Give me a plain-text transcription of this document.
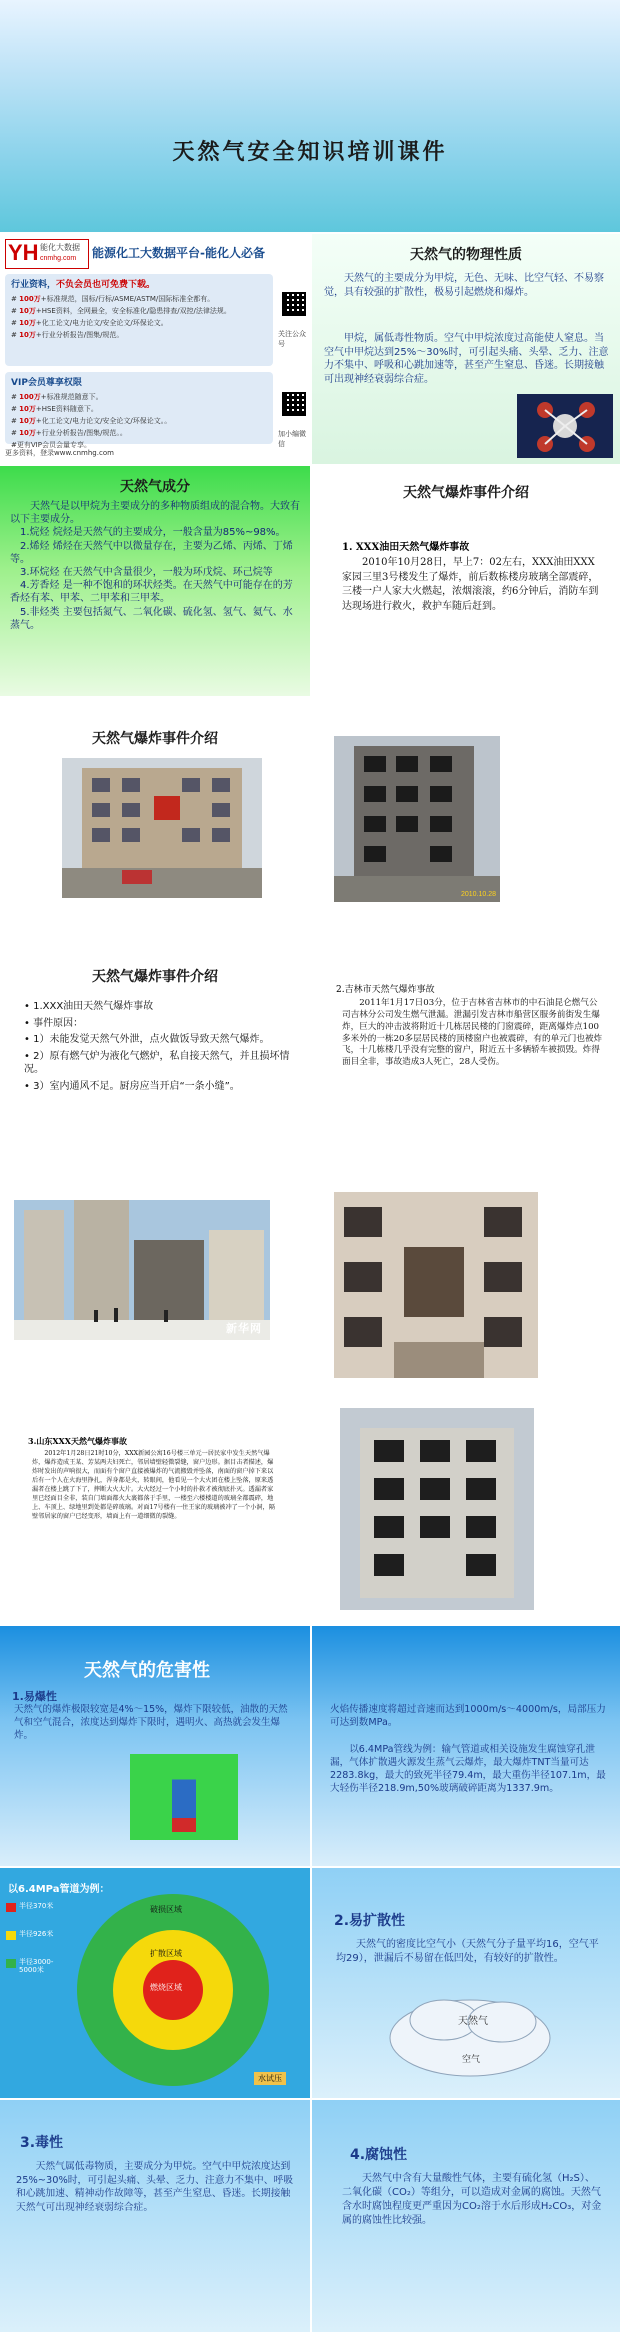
天然气安全知识培训课件
YH 能化大数据
cnmhg.com 能源化工大数据平台-能化人必备
行业资料，不负会员也可免费下载。
# 100万+标准规范，国标/行标/ASME/ASTM/国际标准全都有。
# 10万+HSE资料，全网最全，安全标准化/隐患排查/双控/法律法规。
# 10万+化工论文/电力论文/安全论文/环保论文。
# 10万+行业分析报告/图集/规范。
VIP会员尊享权限
# 100万+标准规范随意下。
# 10万+HSE资料随意下。
# 10万+化工论文/电力论文/安全论文/环保论文。。
# 10万+行业分析报告/图集/规范。。
#更有VIP会员会量专享。
关注公众号
加小编微信
更多资料，登录www.cnmhg.com
天然气的物理性质
天然气的主要成分为甲烷，无色、无味、比空气轻、不易察觉，具有较强的扩散性，极易引起燃烧和爆炸。
甲烷，属低毒性物质。空气中甲烷浓度过高能使人窒息。当空气中甲烷达到25%～30%时，可引起头痛、头晕、乏力、注意力不集中、呼吸和心跳加速等，甚至产生窒息、昏迷。长期接触可出现神经衰弱综合症。
天然气成分
天然气是以甲烷为主要成分的多种物质组成的混合物。大致有以下主要成分。
1.烷烃 烷烃是天然气的主要成分，一般含量为85%~98%。
2.烯烃 烯烃在天然气中以微量存在，主要为乙烯、丙烯、丁烯等。
3.环烷烃 在天然气中含量很少，一般为环戊烷、环己烷等
4.芳香烃 是一种不饱和的环状烃类。在天然气中可能存在的芳香烃有苯、甲苯、二甲苯和三甲苯。
5.非烃类 主要包括氮气、二氧化碳、硫化氢、氢气、氦气、水蒸气。
天然气爆炸事件介绍
1. XXX油田天然气爆炸事故
2010年10月28日，早上7：02左右，XXX油田XXX家园三里3号楼发生了爆炸，前后数栋楼房玻璃全部震碎，三楼一户人家大火燃起，浓烟滚滚，约6分钟后，消防车到达现场进行救火，救护车随后赶到。
天然气爆炸事件介绍
2010.10.28
天然气爆炸事件介绍
• 1.XXX油田天然气爆炸事故
• 事件原因：
• 1）未能发觉天然气外泄，点火做饭导致天然气爆炸。
• 2）原有燃气炉为液化气燃炉，私自接天然气，并且损坏情况。
• 3）室内通风不足。厨房应当开启“一条小缝”。
2.吉林市天然气爆炸事故
2011年1月17日03分，位于吉林省吉林市的中石油昆仑燃气公司吉林分公司发生燃气泄漏。泄漏引发吉林市船营区服务前街发生爆炸，巨大的冲击波将附近十几栋居民楼的门窗震碎，距离爆炸点100多米外的一栋20多层居民楼的顶楼窗户也被震碎，有的单元门也被炸飞，十几栋楼几乎没有完整的窗户，附近五十多辆轿车被损毁。炸得面目全非，事故造成3人死亡，28人受伤。
新华网
3.山东XXX天然气爆炸事故
2012年1月28日21时10分，XXX新园公寓16号楼三单元一居民家中发生天然气爆炸，爆炸造成王某、芳某两夫妇死亡，邻居墙壁轻微裂缝，窗户边形。据目击者描述，爆炸时发出的声响很大，而面有个窗户直接被爆炸的气流搬毁并坠落，南面的窗户掉下来以后有一个人在火海里挣扎，浑身都是火，转眼间，他看见一个大火团在楼上坠落，原来透漏者在楼上跳了下了，摔断大火大片。大火经过一个小时的扑救才被彻底扑灭。透漏者家里已经面目全非，装自门墙面都火大裹都落于手里，一楼至六楼楼道的玻璃全都震碎，地上、车顶上、绿地里到处都是碎玻璃。对面17号楼有一住王家的玻璃被冲了一个小洞，隔壁邻居家的窗户已经变形，墙面上有一道细微的裂缝。
天然气的危害性
1.易爆性
天然气的爆炸极限较宽是4%～15%，爆炸下限较低，油散的天然气和空气混合，浓度达到爆炸下限时，遇明火、高热就会发生爆炸。
火焰传播速度将超过音速而达到1000m/s～4000m/s，局部压力可达到数MPa。
以6.4MPa管线为例：输气管道或相关设施发生腐蚀穿孔泄漏，气体扩散遇火源发生蒸气云爆炸，最大爆炸TNT当量可达2283.8kg，最大的致死半径79.4m，最大重伤半径107.1m，最大轻伤半径218.9m,50%玻璃破碎距离为1337.9m。
以6.4MPa管道为例：
半径370米
半径926米
半径3000-5000米
破损区域
扩散区域
燃烧区域
水试压
2.易扩散性
天然气的密度比空气小（天然气分子量平均16，空气平均29），泄漏后不易留在低凹处，有较好的扩散性。
天然气
空气
3.毒性
天然气属低毒物质，主要成分为甲烷。空气中甲烷浓度达到25%~30%时，可引起头痛、头晕、乏力、注意力不集中、呼吸和心跳加速、精神动作故障等，甚至产生窒息、昏迷。长期接触天然气可出现神经衰弱综合症。
4.腐蚀性
天然气中含有大量酸性气体，主要有硫化氢（H₂S）、二氧化碳（CO₂）等组分，可以造成对金属的腐蚀。天然气含水时腐蚀程度更严重因为CO₂溶于水后形成H₂CO₃，对金属的腐蚀性比较强。
